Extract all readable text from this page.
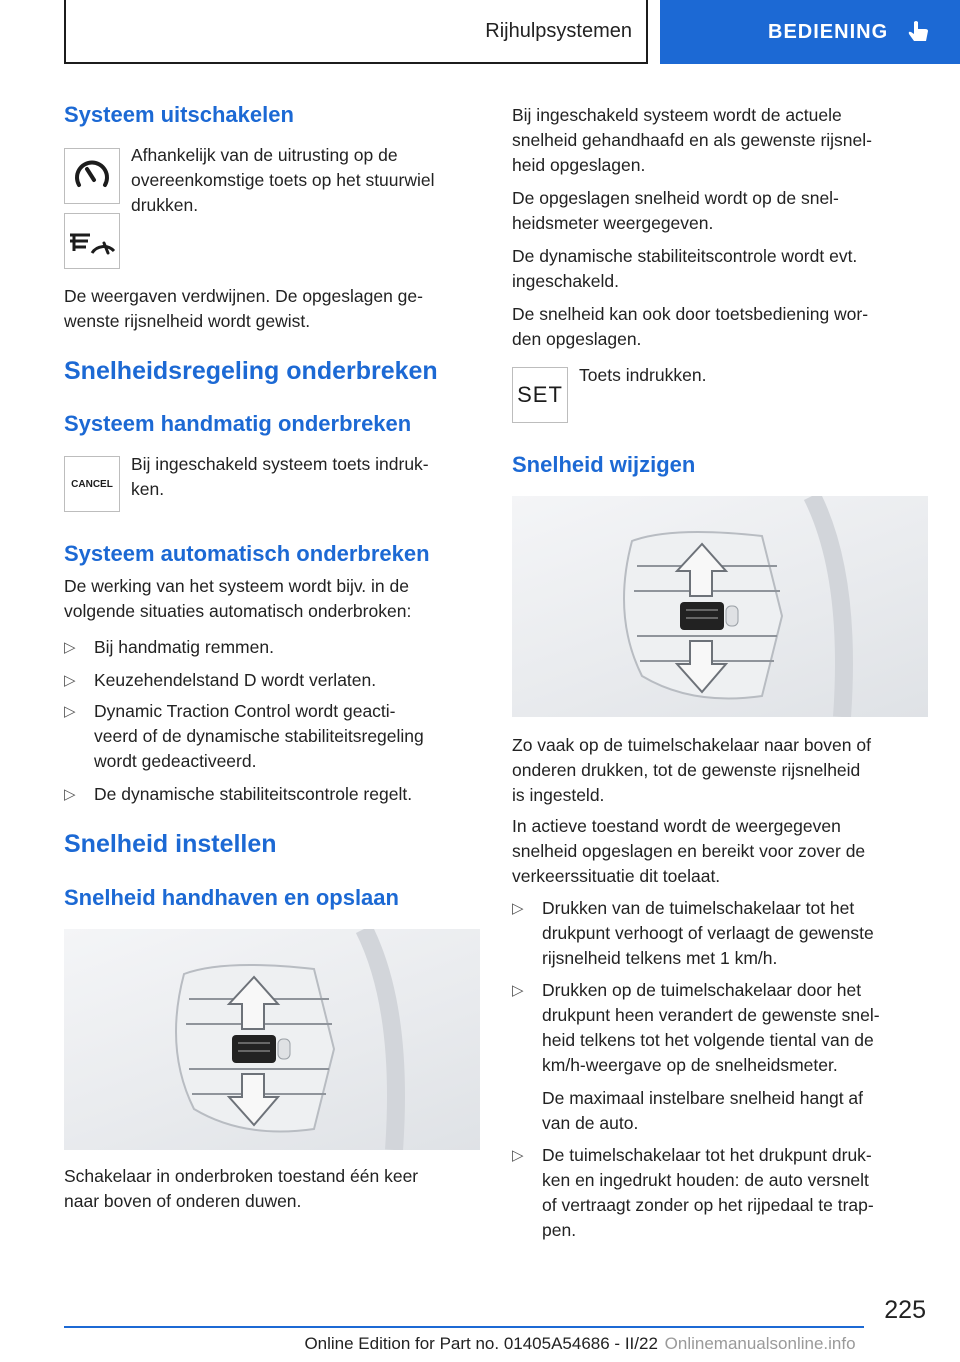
Rijhulpsystemen	BEDIENING
Systeem uitschakelen

Afhankelijk van de uitrusting op de
overeenkomstige toets op het stuurwiel
drukken.

De weergaven verdwijnen. De opgeslagen ge-
wenste rijsnelheid wordt gewist.

Snelheidsregeling onderbreken
Systeem handmatig onderbreken
CANCEL

Bij ingeschakeld systeem toets indruk-
ken.

Systeem automatisch onderbreken

De werking van het systeem wordt bijv. in de
volgende situaties automatisch onderbroken:

▷ Bij handmatig remmen.
▷ Keuzehendelstand D wordt verlaten.
▷ Dynamic Traction Control wordt geacti-
veerd of de dynamische stabiliteitsregeling
wordt gedeactiveerd.
▷ De dynamische stabiliteitscontrole regelt.
Snelheid instellen
Snelheid handhaven en opslaan

Schakelaar in onderbroken toestand één keer
naar boven of onderen duwen.

Bij ingeschakeld systeem wordt de actuele
snelheid gehandhaafd en als gewenste rijsnel-
heid opgeslagen.

De opgeslagen snelheid wordt op de snel-
heidsmeter weergegeven.

De dynamische stabiliteitscontrole wordt evt.
ingeschakeld.

De snelheid kan ook door toetsbediening wor-
den opgeslagen.

SET

Toets indrukken.

Snelheid wijzigen

Zo vaak op de tuimelschakelaar naar boven of
onderen drukken, tot de gewenste rijsnelheid
is ingesteld.

In actieve toestand wordt de weergegeven
snelheid opgeslagen en bereikt voor zover de
verkeerssituatie dit toelaat.

▷ Drukken van de tuimelschakelaar tot het
drukpunt verhoogt of verlaagt de gewenste
rijsnelheid telkens met 1 km/h.
▷ Drukken op de tuimelschakelaar door het
drukpunt heen verandert de gewenste snel-
heid telkens tot het volgende tiental van de
km/h-weergave op de snelheidsmeter.

De maximaal instelbare snelheid hangt af
van de auto.

▷ De tuimelschakelaar tot het drukpunt druk-
ken en ingedrukt houden: de auto versnelt
of vertraagt zonder op het rijpedaal te trap-
pen.
225
Online Edition for Part no. 01405A54686 - II/22 Onlinemanualsonline.info
